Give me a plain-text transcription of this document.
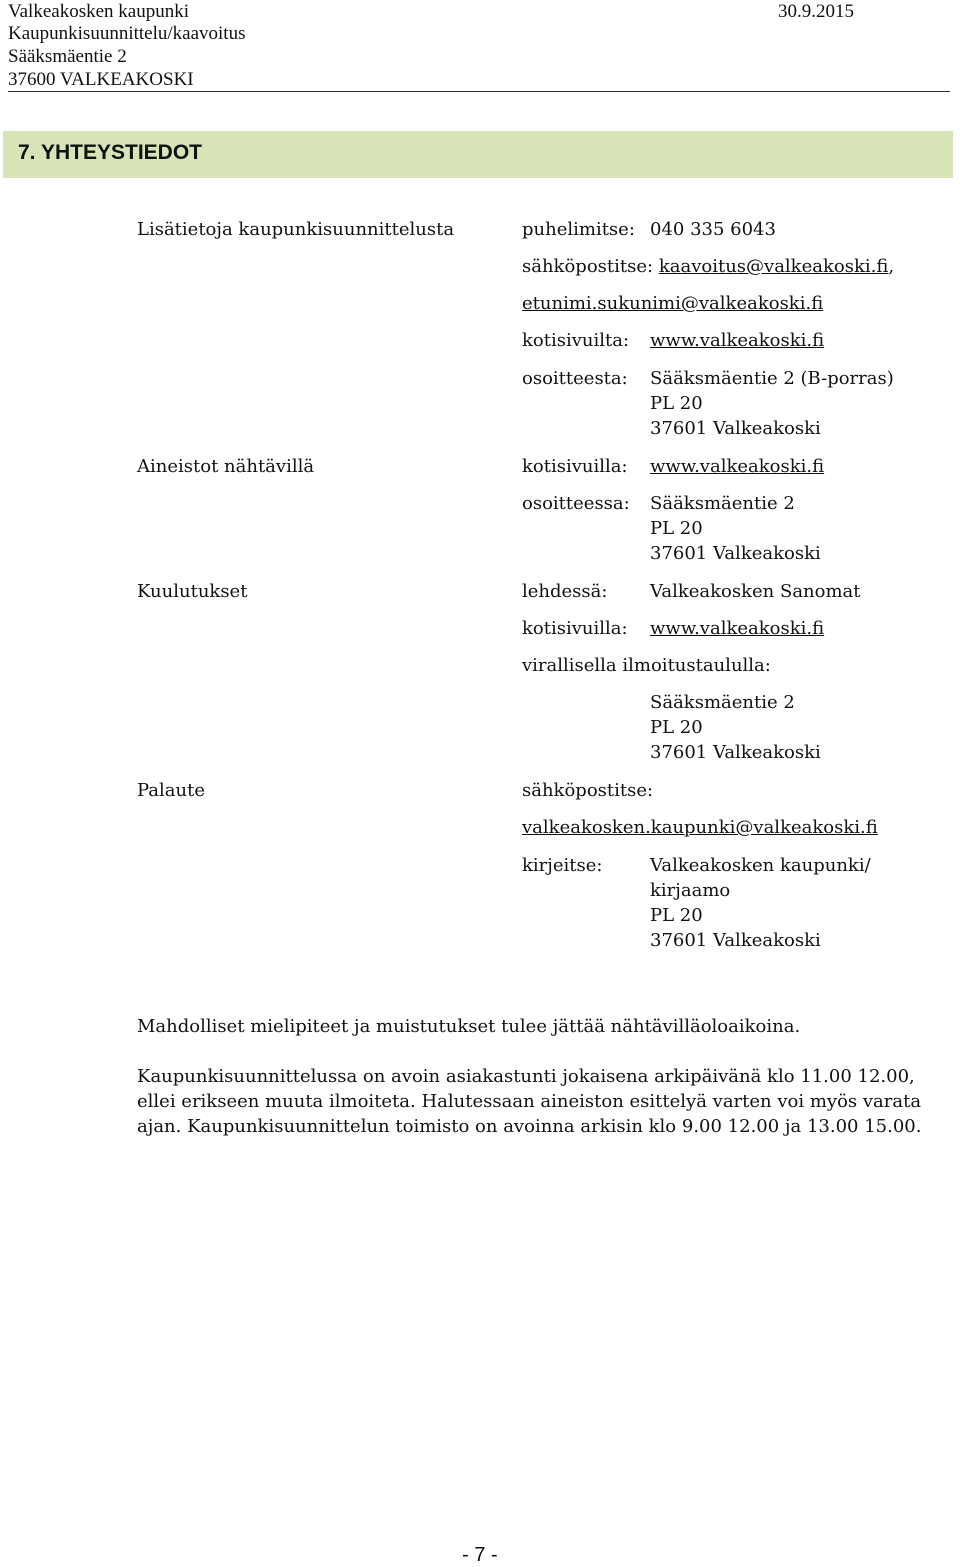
Valkeakosken kaupunki
Kaupunkisuunnittelu/kaavoitus
Sääksmäentie 2
37600 VALKEAKOSKI
30.9.2015
7. YHTEYSTIEDOT
Lisätietoja kaupunkisuunnittelusta	puhelimitse: 040 335 6043
sähköpostitse: kaavoitus@valkeakoski.fi,
etunimi.sukunimi@valkeakoski.fi
kotisivuilta: www.valkeakoski.fi
osoitteesta: Sääksmäentie 2 (B-porras)
PL 20
37601 Valkeakoski
Aineistot nähtävillä	kotisivuilla: www.valkeakoski.fi
osoitteessa: Sääksmäentie 2
PL 20
37601 Valkeakoski
Kuulutukset	lehdessä: Valkeakosken Sanomat
kotisivuilla: www.valkeakoski.fi
virallisella ilmoitustaululla:
Sääksmäentie 2
PL 20
37601 Valkeakoski
Palaute	sähköpostitse:
valkeakosken.kaupunki@valkeakoski.fi
kirjeitse:	Valkeakosken kaupunki/
kirjaamo
PL 20
37601 Valkeakoski
Mahdolliset mielipiteet ja muistutukset tulee jättää nähtävilläoloaikoina.
Kaupunkisuunnittelussa on avoin asiakastunti jokaisena arkipäivänä klo 11.00 12.00,
ellei erikseen muuta ilmoiteta. Halutessaan aineiston esittelyä varten voi myös varata
ajan. Kaupunkisuunnittelun toimisto on avoinna arkisin klo 9.00 12.00 ja 13.00 15.00.
- 7 -
